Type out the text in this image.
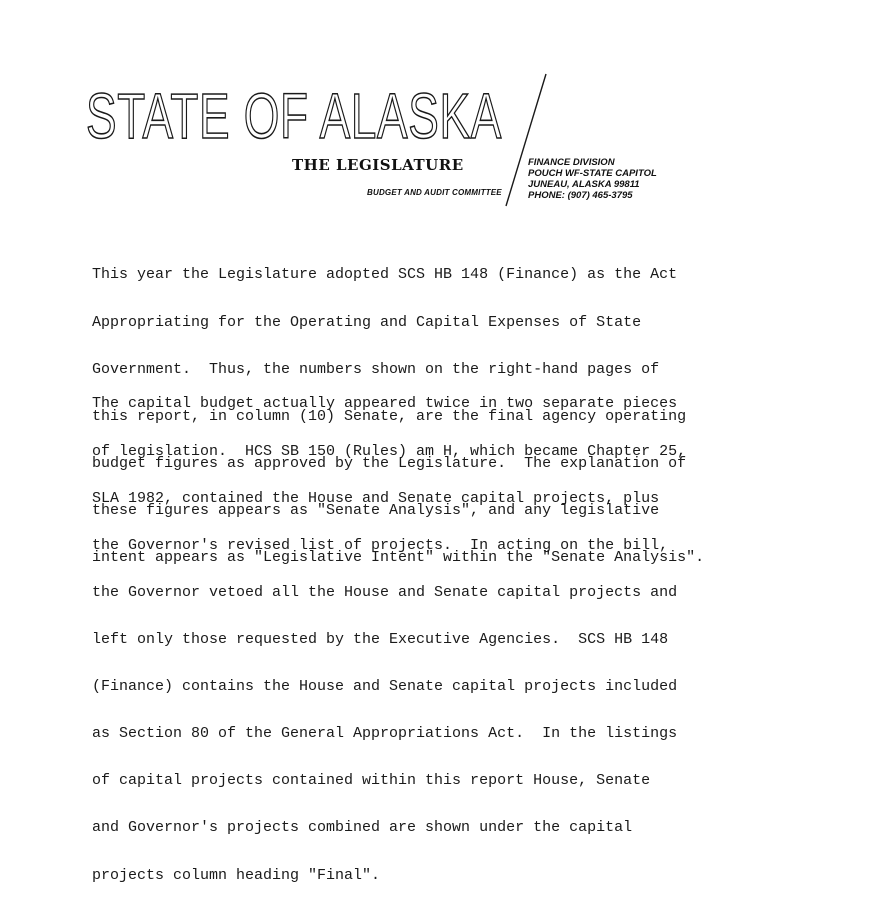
STATE OF ALASKA
THE LEGISLATURE
BUDGET AND AUDIT COMMITTEE
FINANCE DIVISION
POUCH WF-STATE CAPITOL
JUNEAU, ALASKA 99811
PHONE: (907) 465-3795

This year the Legislature adopted SCS HB 148 (Finance) as the Act

Appropriating for the Operating and Capital Expenses of State

Government.  Thus, the numbers shown on the right-hand pages of

this report, in column (10) Senate, are the final agency operating

budget figures as approved by the Legislature.  The explanation of

these figures appears as "Senate Analysis", and any legislative

intent appears as "Legislative Intent" within the "Senate Analysis".

The capital budget actually appeared twice in two separate pieces

of legislation.  HCS SB 150 (Rules) am H, which became Chapter 25,

SLA 1982, contained the House and Senate capital projects, plus

the Governor's revised list of projects.  In acting on the bill,

the Governor vetoed all the House and Senate capital projects and

left only those requested by the Executive Agencies.  SCS HB 148

(Finance) contains the House and Senate capital projects included

as Section 80 of the General Appropriations Act.  In the listings

of capital projects contained within this report House, Senate

and Governor's projects combined are shown under the capital

projects column heading "Final".
